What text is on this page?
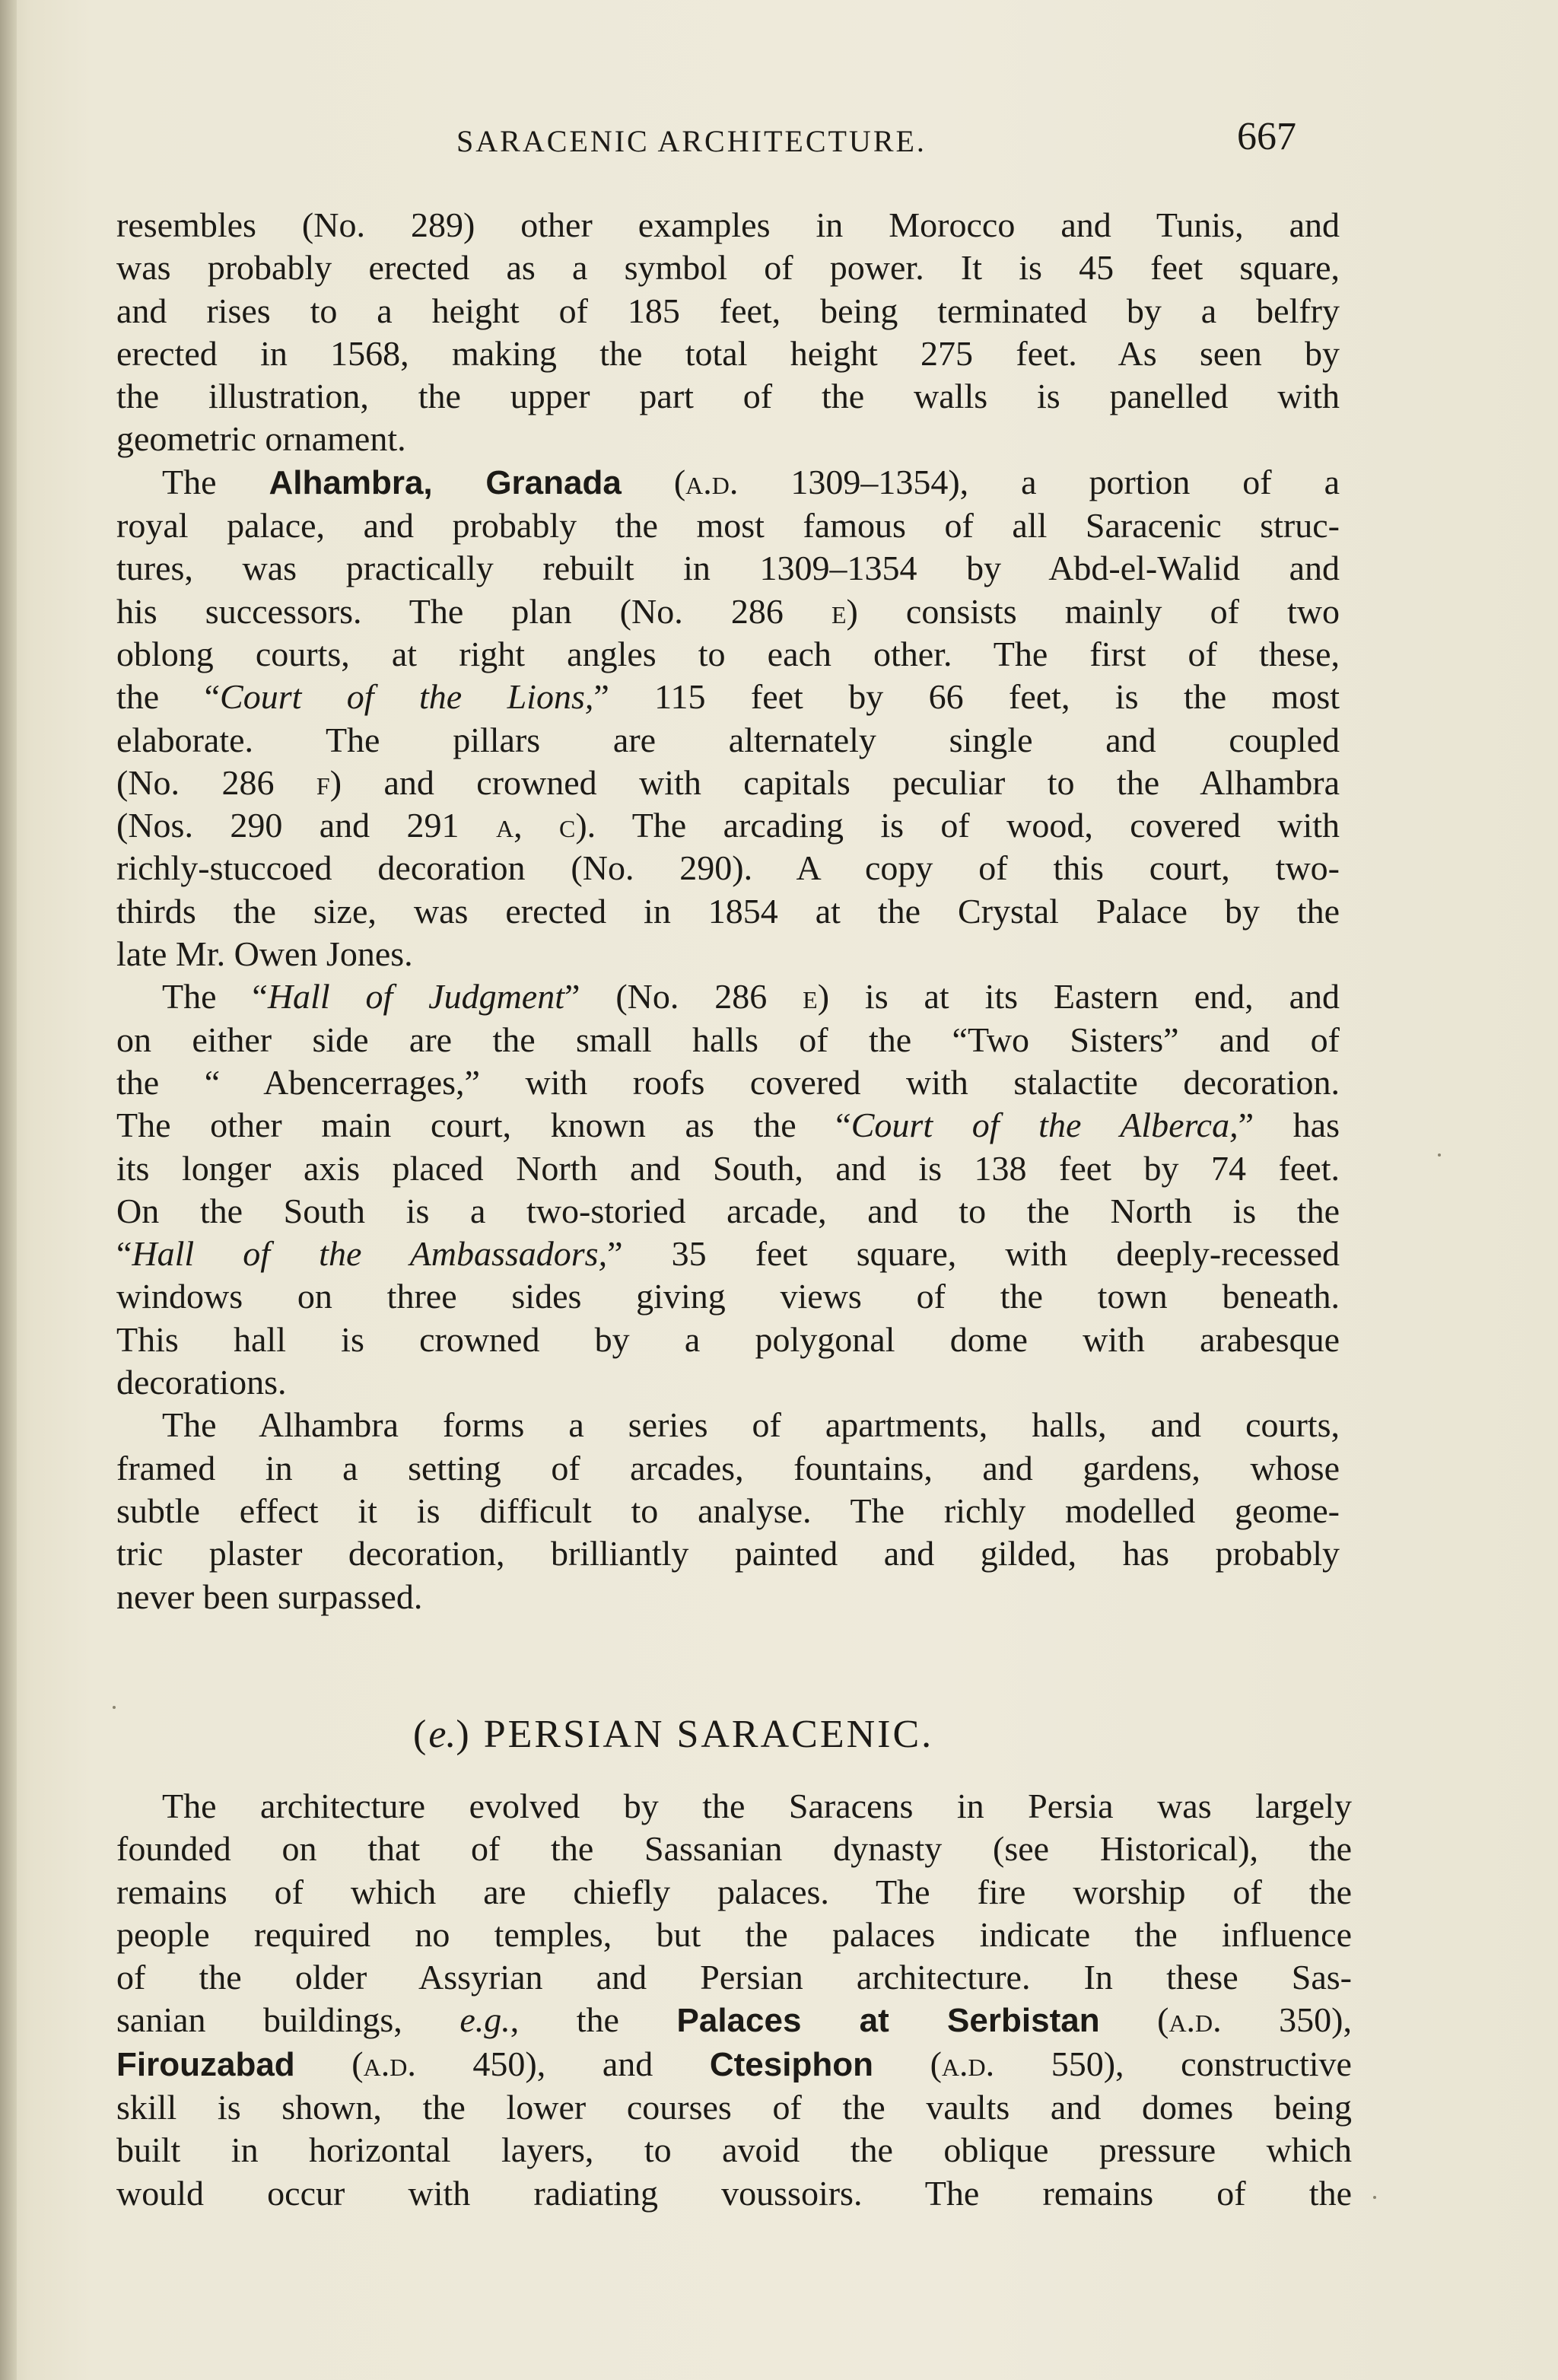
SARACENIC ARCHITECTURE.	667
resembles (No. 289) other examples in Morocco and Tunis, and
was probably erected as a symbol of power. It is 45 feet square,
and rises to a height of 185 feet, being terminated by a belfry
erected in 1568, making the total height 275 feet. As seen by
the illustration, the upper part of the walls is panelled with
geometric ornament.
The Alhambra, Granada (a.d. 1309–1354), a portion of a
royal palace, and probably the most famous of all Saracenic struc-
tures, was practically rebuilt in 1309–1354 by Abd-el-Walid and
his successors. The plan (No. 286 e) consists mainly of two
oblong courts, at right angles to each other. The first of these,
the “Court of the Lions,” 115 feet by 66 feet, is the most
elaborate. The pillars are alternately single and coupled
(No. 286 f) and crowned with capitals peculiar to the Alhambra
(Nos. 290 and 291 a, c). The arcading is of wood, covered with
richly-stuccoed decoration (No. 290). A copy of this court, two-
thirds the size, was erected in 1854 at the Crystal Palace by the
late Mr. Owen Jones.
The “Hall of Judgment” (No. 286 e) is at its Eastern end, and
on either side are the small halls of the “Two Sisters” and of
the “ Abencerrages,” with roofs covered with stalactite decoration.
The other main court, known as the “Court of the Alberca,” has
its longer axis placed North and South, and is 138 feet by 74 feet.
On the South is a two-storied arcade, and to the North is the
“Hall of the Ambassadors,” 35 feet square, with deeply-recessed
windows on three sides giving views of the town beneath.
This hall is crowned by a polygonal dome with arabesque
decorations.
The Alhambra forms a series of apartments, halls, and courts,
framed in a setting of arcades, fountains, and gardens, whose
subtle effect it is difficult to analyse. The richly modelled geome-
tric plaster decoration, brilliantly painted and gilded, has probably
never been surpassed.
(e.) PERSIAN SARACENIC.
The architecture evolved by the Saracens in Persia was largely
founded on that of the Sassanian dynasty (see Historical), the
remains of which are chiefly palaces. The fire worship of the
people required no temples, but the palaces indicate the influence
of the older Assyrian and Persian architecture. In these Sas-
sanian buildings, e.g., the Palaces at Serbistan (a.d. 350),
Firouzabad (a.d. 450), and Ctesiphon (a.d. 550), constructive
skill is shown, the lower courses of the vaults and domes being
built in horizontal layers, to avoid the oblique pressure which
would occur with radiating voussoirs. The remains of the
